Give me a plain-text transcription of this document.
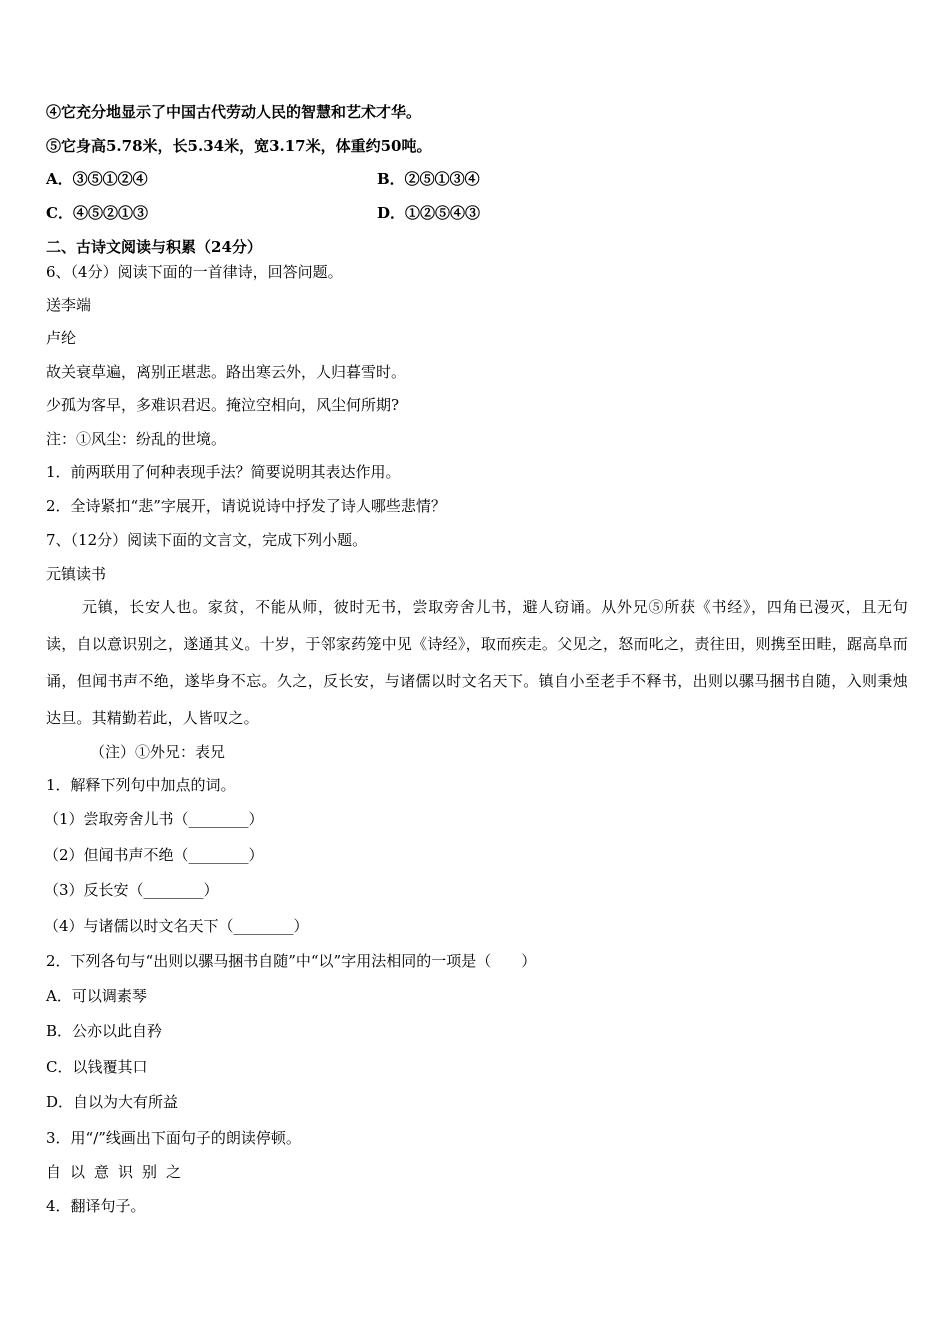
④它充分地显示了中国古代劳动人民的智慧和艺术才华。
⑤它身高5.78米，长5.34米，宽3.17米，体重约50吨。
A．③⑤①②④	B．②⑤①③④
C．④⑤②①③	D．①②⑤④③
二、古诗文阅读与积累（24分）
6、（4分）阅读下面的一首律诗，回答问题。
送李端
卢纶
故关衰草遍，离别正堪悲。路出寒云外，人归暮雪时。
少孤为客早，多难识君迟。掩泣空相向，风尘何所期?
注：①风尘：纷乱的世境。
1．前两联用了何种表现手法？简要说明其表达作用。
2．全诗紧扣“悲”字展开，请说说诗中抒发了诗人哪些悲情？
7、（12分）阅读下面的文言文，完成下列小题。
元镇读书
元镇，长安人也。家贫，不能从师，彼时无书，尝取旁舍儿书，避人窃诵。从外兄⑤所获《书经》，四角已漫灭，且无句读，自以意识别之，遂通其义。十岁，于邻家药笼中见《诗经》，取而疾走。父见之，怒而叱之，责往田，则携至田畦，踞高阜而诵，但闻书声不绝，遂毕身不忘。久之，反长安，与诸儒以时文名天下。镇自小至老手不释书，出则以骡马捆书自随，入则秉烛达旦。其精勤若此，人皆叹之。
（注）①外兄：表兄
1．解释下列句中加点的词。
（1）尝取旁舍儿书（________）
（2）但闻书声不绝（________）
（3）反长安（________）
（4）与诸儒以时文名天下（________）
2．下列各句与“出则以骡马捆书自随”中“以”字用法相同的一项是（　　）
A．可以调素琴
B．公亦以此自矜
C．以钱覆其口
D．自以为大有所益
3．用“/”线画出下面句子的朗读停顿。
自以意识别之
4．翻译句子。
